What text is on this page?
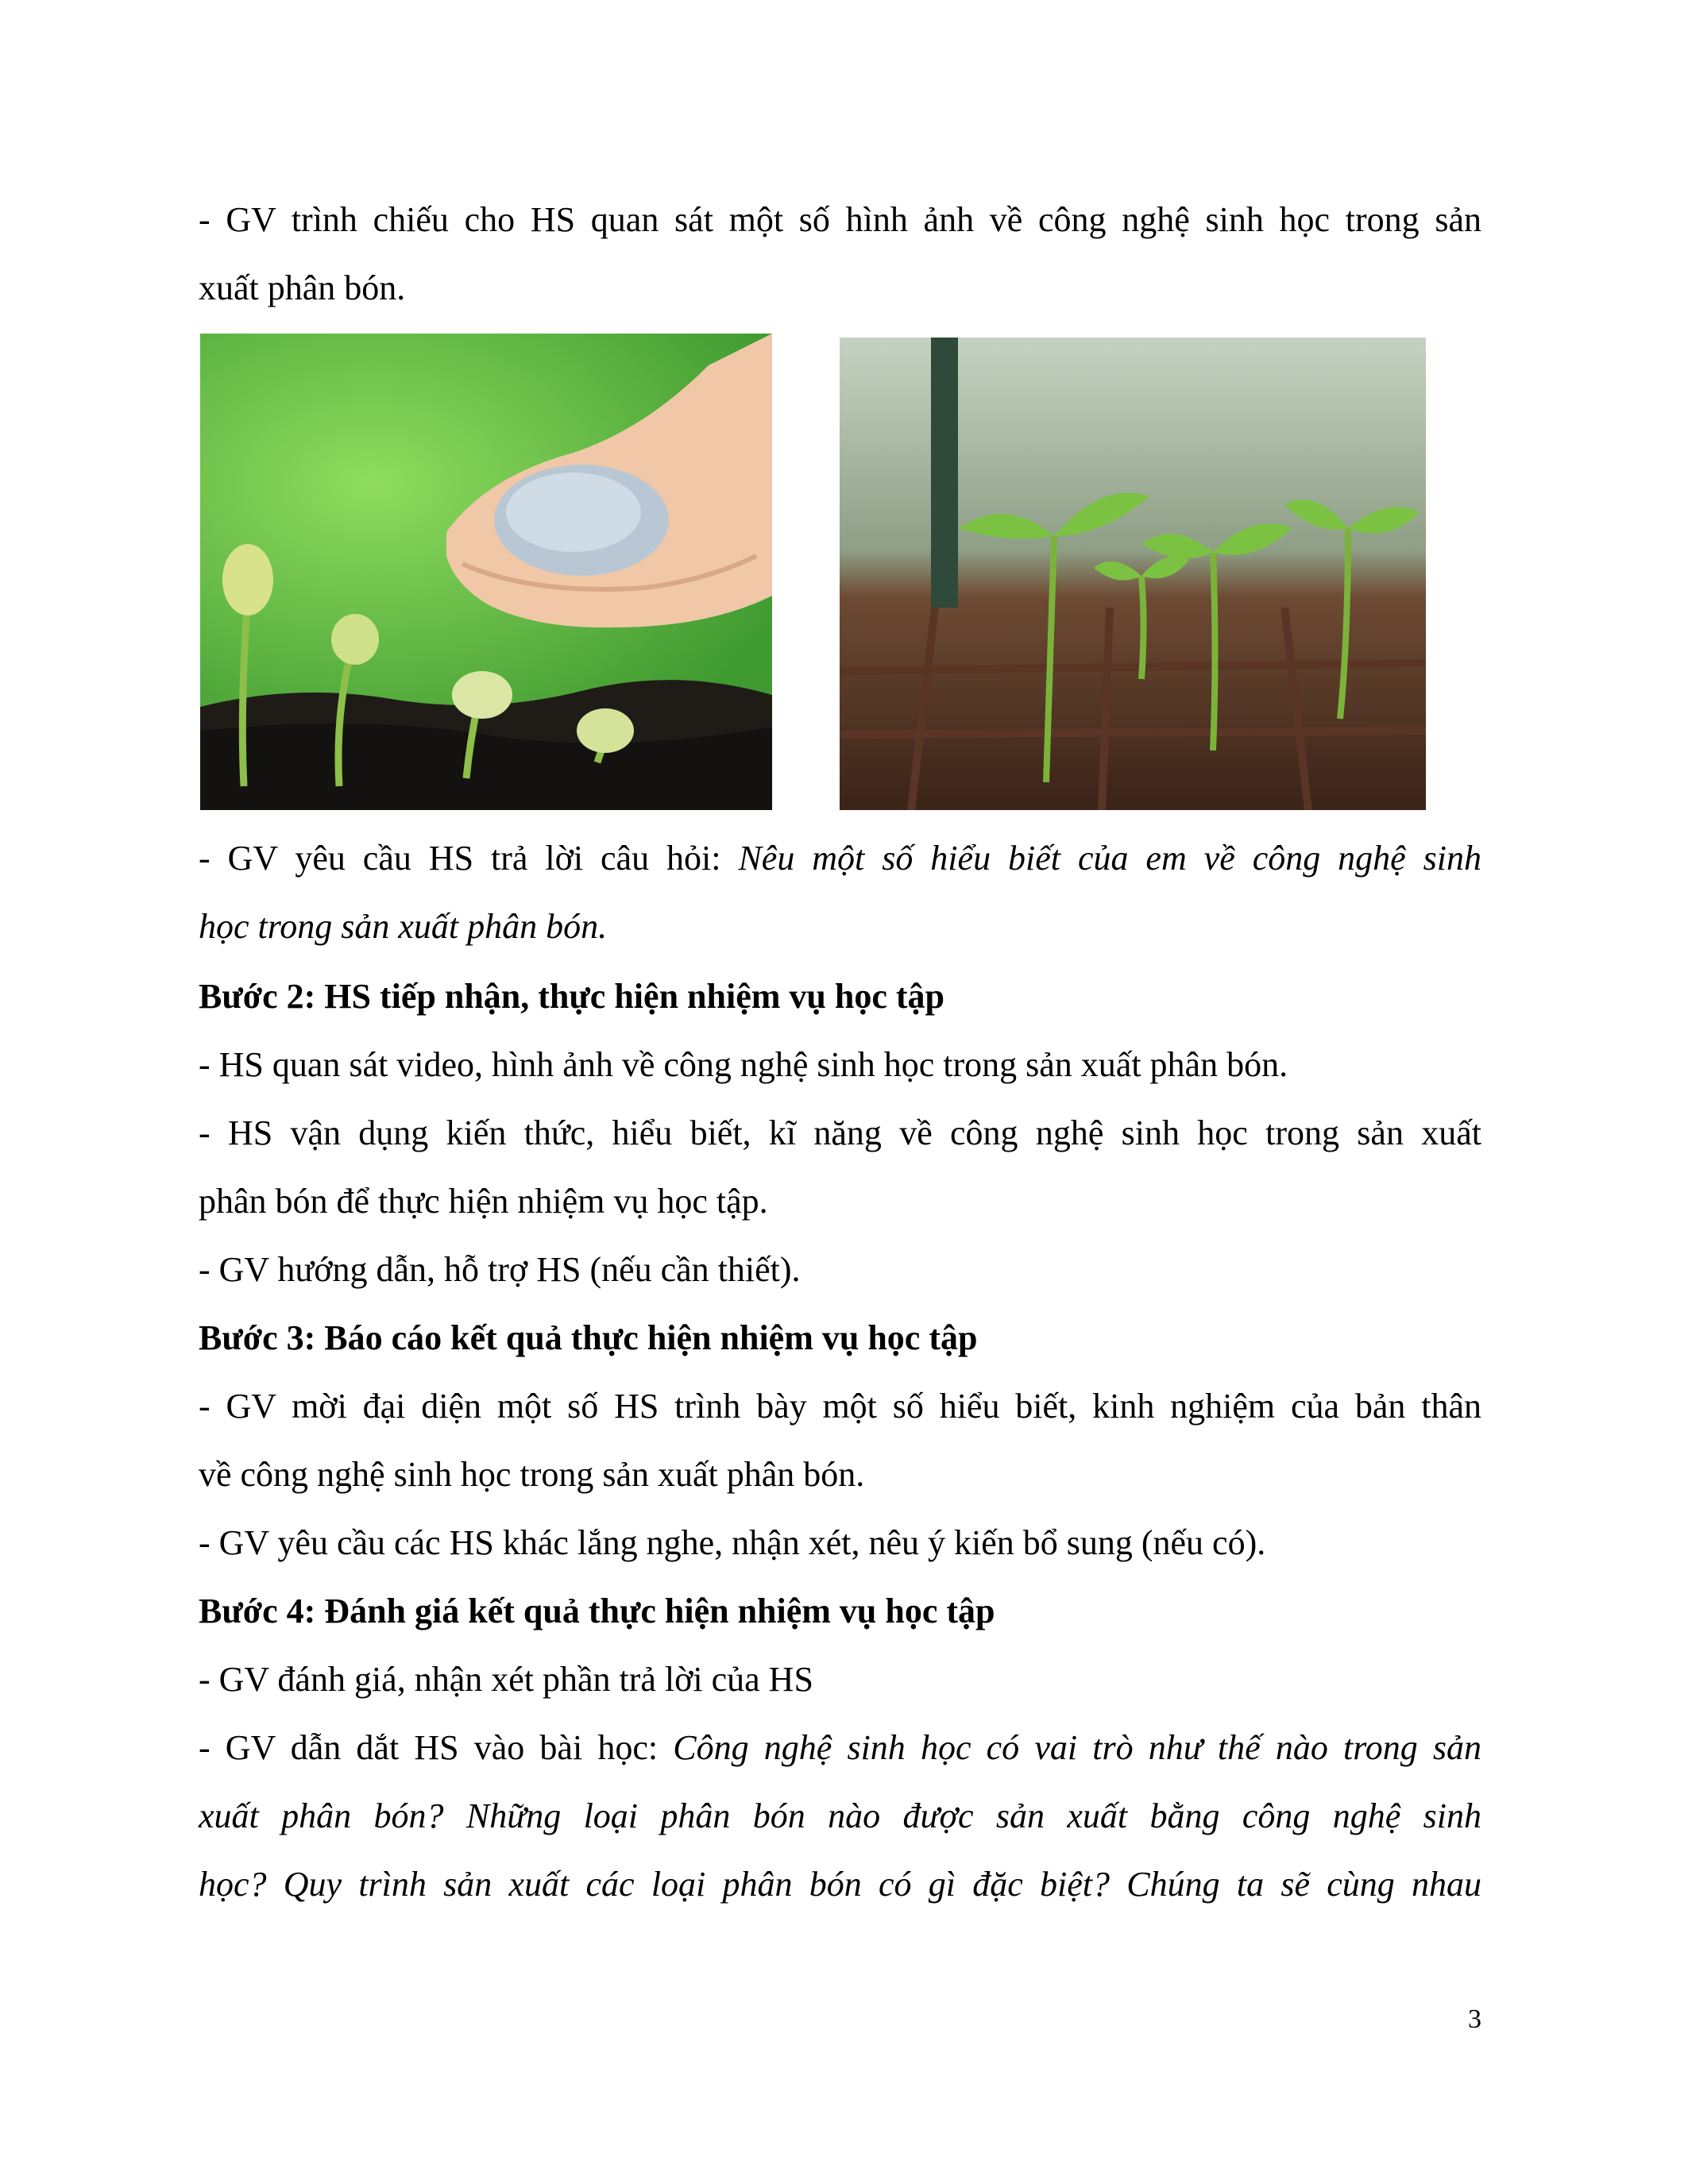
- GV trình chiếu cho HS quan sát một số hình ảnh về công nghệ sinh học trong sản
xuất phân bón.

- GV yêu cầu HS trả lời câu hỏi: Nêu một số hiểu biết của em về công nghệ sinh
học trong sản xuất phân bón.

Bước 2: HS tiếp nhận, thực hiện nhiệm vụ học tập

- HS quan sát video, hình ảnh về công nghệ sinh học trong sản xuất phân bón.

- HS vận dụng kiến thức, hiểu biết, kĩ năng về công nghệ sinh học trong sản xuất
phân bón để thực hiện nhiệm vụ học tập.

- GV hướng dẫn, hỗ trợ HS (nếu cần thiết).

Bước 3: Báo cáo kết quả thực hiện nhiệm vụ học tập

- GV mời đại diện một số HS trình bày một số hiểu biết, kinh nghiệm của bản thân
về công nghệ sinh học trong sản xuất phân bón.

- GV yêu cầu các HS khác lắng nghe, nhận xét, nêu ý kiến bổ sung (nếu có).

Bước 4: Đánh giá kết quả thực hiện nhiệm vụ học tập

- GV đánh giá, nhận xét phần trả lời của HS

- GV dẫn dắt HS vào bài học: Công nghệ sinh học có vai trò như thế nào trong sản
xuất phân bón? Những loại phân bón nào được sản xuất bằng công nghệ sinh
học? Quy trình sản xuất các loại phân bón có gì đặc biệt? Chúng ta sẽ cùng nhau

3
